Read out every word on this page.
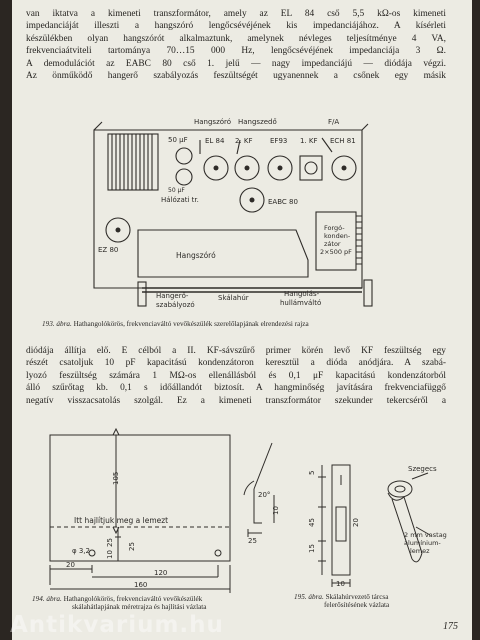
van iktatva a kimeneti transzformátor, amely az EL 84 cső 5,5 kΩ-os kimeneti
impedanciáját illeszti a hangszóró lengőcsévéjének kis impedanciájához. A kísérleti
készülékben olyan hangszórót alkalmaztunk, amelynek névleges teljesítménye 4 VA,
frekvenciaátviteli tartománya 70…15 000 Hz, lengőcsévéjének impedanciája 3 Ω.
A demodulációt az EABC 80 cső 1. jelű — nagy impedanciájú — diódája végzi.
Az önműködő hangerő szabályozás feszültségét ugyanennek a csőnek egy másik
Hangszóró Hangszedő	F/A
EL 84 2. KF EF93 1. KF ECH 81
50 μF
50 μF
Hálózati tr.	EABC 80
EZ 80
Hangszóró
Forgó-
konden-
zátor
2×500 pF
Hangerő-
szabályozó
Skálahúr	Hangolás-
hullámváltó
193. ábra. Hathangolókörös, frekvenciaváltó vevőkészülék szerelőlapjának elrendezési rajza
diódája állítja elő. E célból a II. KF-sávszűrő primer körén levő KF feszültség egy
részét csatoljuk 10 pF kapacitású kondenzátoron keresztül a dióda anódjára. A szabá-
lyozó feszültség számára 1 MΩ-os ellenállásból és 0,1 μF kapacitású kondenzátorból
álló szűrőtag kb. 0,1 s időállandót biztosít. A hangminőség javítására frekvenciafüggő
negatív visszacsatolás szolgál. Ez a kimeneti transzformátor szekunder tekercséről a
105
25
10
25
20
φ 3,2
120
160
Itt hajlítjuk meg a lemezt
20°
25
10
194. ábra. Hathangolókörös, frekvenciaváltó vevőkészülék
skálahátlapjának méretrajza és hajlítási vázlata
5
45
15
20
10
Szegecs
2 mm vastag
alumínium-
lemez
195. ábra. Skálahúrvezető tárcsa
felerősítésének vázlata
175
Antikvarium.hu
